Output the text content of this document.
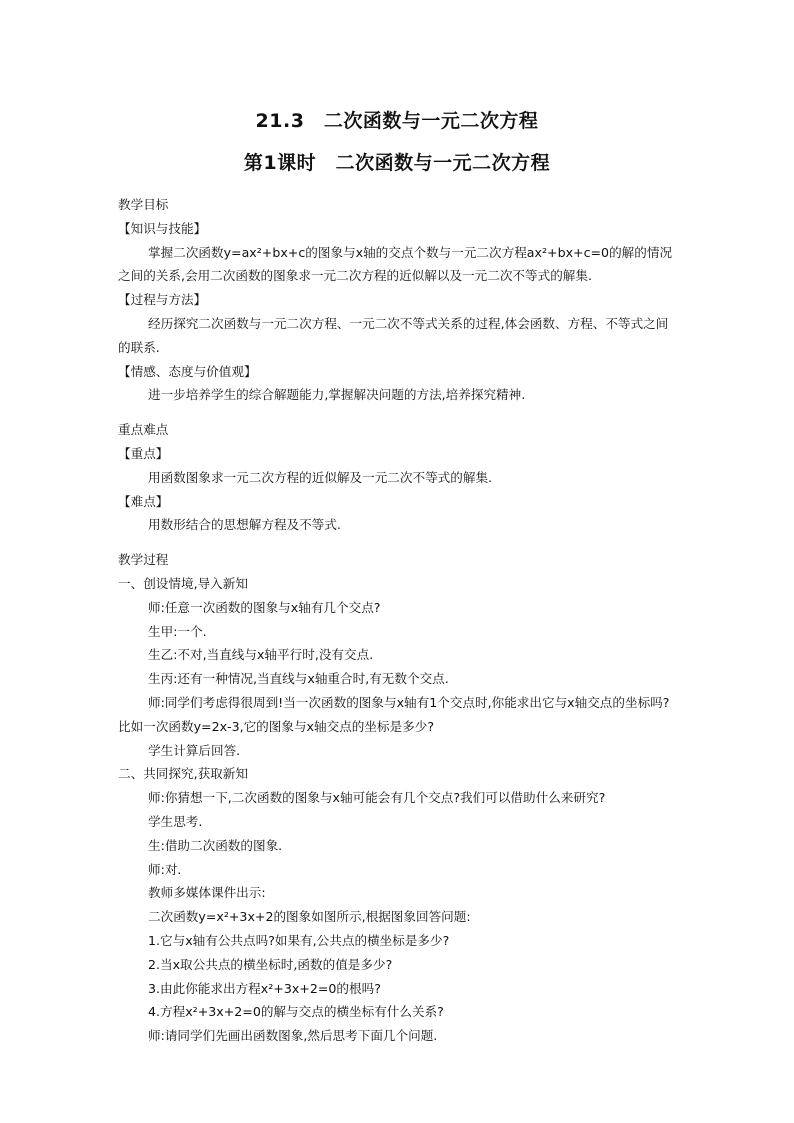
21.3　二次函数与一元二次方程
第1课时　二次函数与一元二次方程

教学目标

【知识与技能】

掌握二次函数y=ax²+bx+c的图象与x轴的交点个数与一元二次方程ax²+bx+c=0的解的情况之间的关系,会用二次函数的图象求一元二次方程的近似解以及一元二次不等式的解集.

【过程与方法】

经历探究二次函数与一元二次方程、一元二次不等式关系的过程,体会函数、方程、不等式之间的联系.

【情感、态度与价值观】

进一步培养学生的综合解题能力,掌握解决问题的方法,培养探究精神.

重点难点

【重点】

用函数图象求一元二次方程的近似解及一元二次不等式的解集.

【难点】

用数形结合的思想解方程及不等式.

教学过程

一、创设情境,导入新知

师:任意一次函数的图象与x轴有几个交点?

生甲:一个.

生乙:不对,当直线与x轴平行时,没有交点.

生丙:还有一种情况,当直线与x轴重合时,有无数个交点.

师:同学们考虑得很周到!当一次函数的图象与x轴有1个交点时,你能求出它与x轴交点的坐标吗?比如一次函数y=2x-3,它的图象与x轴交点的坐标是多少?

学生计算后回答.

二、共同探究,获取新知

师:你猜想一下,二次函数的图象与x轴可能会有几个交点?我们可以借助什么来研究?

学生思考.

生:借助二次函数的图象.

师:对.

教师多媒体课件出示:

二次函数y=x²+3x+2的图象如图所示,根据图象回答问题:

1.它与x轴有公共点吗?如果有,公共点的横坐标是多少?

2.当x取公共点的横坐标时,函数的值是多少?

3.由此你能求出方程x²+3x+2=0的根吗?

4.方程x²+3x+2=0的解与交点的横坐标有什么关系?

师:请同学们先画出函数图象,然后思考下面几个问题.
